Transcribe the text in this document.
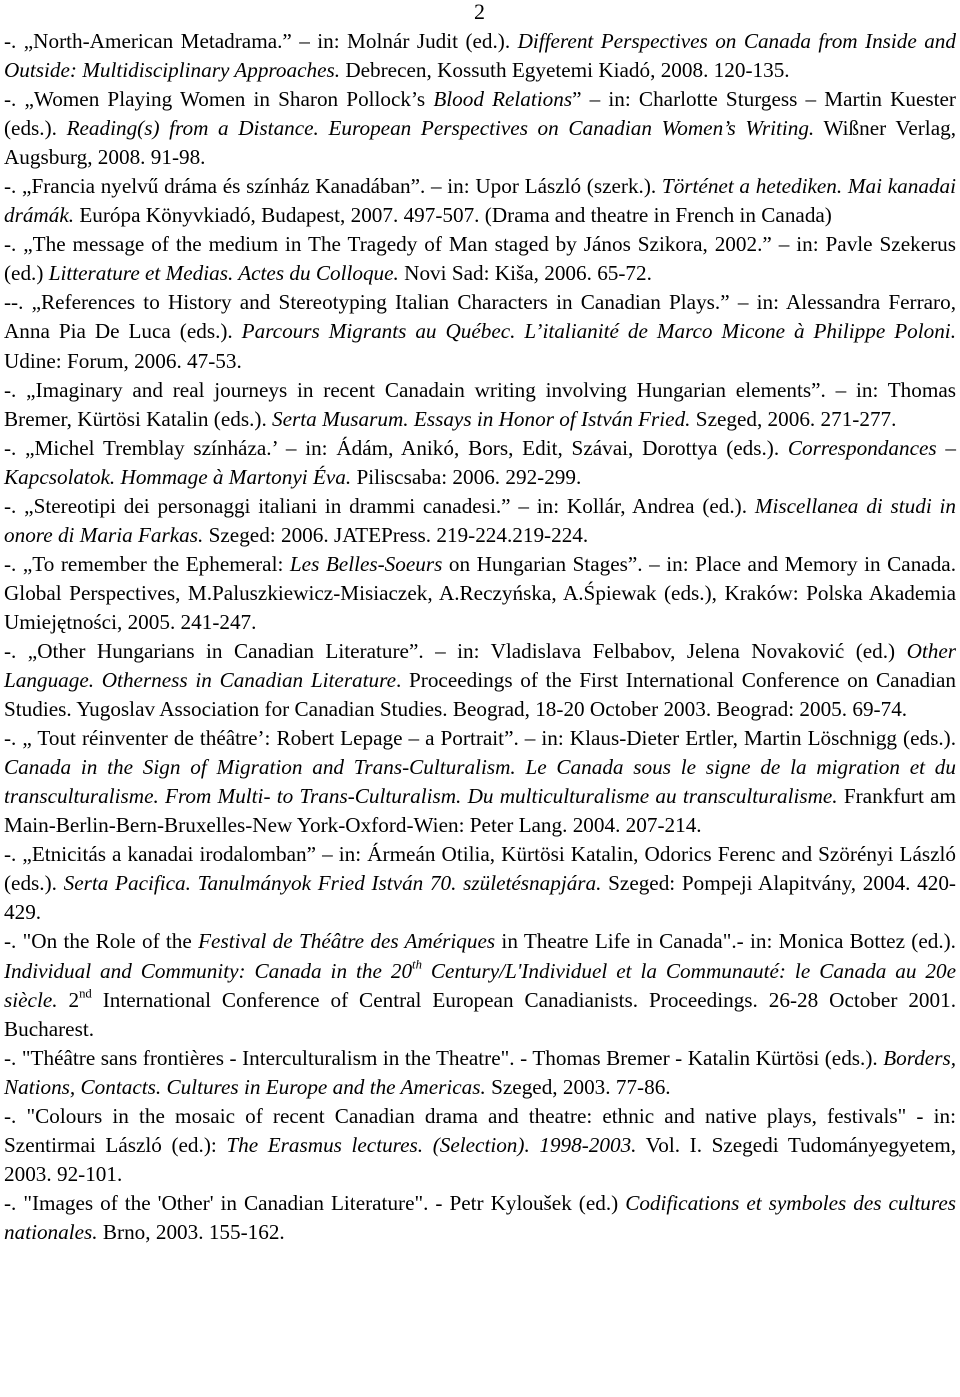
2

-. „North-American Metadrama.” – in: Molnár Judit (ed.). Different Perspectives on Canada from Inside and Outside: Multidisciplinary Approaches. Debrecen, Kossuth Egyetemi Kiadó, 2008. 120-135.

-. „Women Playing Women in Sharon Pollock’s Blood Relations” – in: Charlotte Sturgess – Martin Kuester (eds.). Reading(s) from a Distance. European Perspectives on Canadian Women’s Writing. Wißner Verlag, Augsburg, 2008. 91-98.

-. „Francia nyelvű dráma és színház Kanadában”. – in: Upor László (szerk.). Történet a hetediken. Mai kanadai drámák. Európa Könyvkiadó, Budapest, 2007. 497-507. (Drama and theatre in French in Canada)

-. „The message of the medium in The Tragedy of Man staged by János Szikora, 2002.” – in: Pavle Szekerus (ed.) Litterature et Medias. Actes du Colloque. Novi Sad: Kiša, 2006. 65-72.

--. „References to History and Stereotyping Italian Characters in Canadian Plays.” – in: Alessandra Ferraro, Anna Pia De Luca (eds.). Parcours Migrants au Québec. L’italianité de Marco Micone à Philippe Poloni. Udine: Forum, 2006. 47-53.

-. „Imaginary and real journeys in recent Canadain writing involving Hungarian elements”. – in: Thomas Bremer, Kürtösi Katalin (eds.). Serta Musarum. Essays in Honor of István Fried. Szeged, 2006. 271-277.

-. „Michel Tremblay színháza.’ – in: Ádám, Anikó, Bors, Edit, Szávai, Dorottya (eds.). Correspondances – Kapcsolatok. Hommage à Martonyi Éva. Piliscsaba: 2006. 292-299.

-. „Stereotipi dei personaggi italiani in drammi canadesi.” – in: Kollár, Andrea (ed.). Miscellanea di studi in onore di Maria Farkas. Szeged: 2006. JATEPress. 219-224.219-224.

-. „To remember the Ephemeral: Les Belles-Soeurs on Hungarian Stages”. – in: Place and Memory in Canada. Global Perspectives, M.Paluszkiewicz-Misiaczek, A.Reczyńska, A.Śpiewak (eds.), Kraków: Polska Akademia Umiejętności, 2005. 241-247.

-. „Other Hungarians in Canadian Literature”. – in: Vladislava Felbabov, Jelena Novaković (ed.) Other Language. Otherness in Canadian Literature. Proceedings of the First International Conference on Canadian Studies. Yugoslav Association for Canadian Studies. Beograd, 18-20 October 2003. Beograd: 2005. 69-74.

-. „ Tout réinventer de théâtre’: Robert Lepage – a Portrait”. – in: Klaus-Dieter Ertler, Martin Löschnigg (eds.). Canada in the Sign of Migration and Trans-Culturalism. Le Canada sous le signe de la migration et du transculturalisme. From Multi- to Trans-Culturalism. Du multiculturalisme au transculturalisme. Frankfurt am Main-Berlin-Bern-Bruxelles-New York-Oxford-Wien: Peter Lang. 2004. 207-214.

-. „Etnicitás a kanadai irodalomban” – in: Ármeán Otilia, Kürtösi Katalin, Odorics Ferenc and Szörényi László (eds.). Serta Pacifica. Tanulmányok Fried István 70. születésnapjára. Szeged: Pompeji Alapitvány, 2004. 420-429.

-. "On the Role of the Festival de Théâtre des Amériques in Theatre Life in Canada".- in: Monica Bottez (ed.). Individual and Community: Canada in the 20th Century/L'Individuel et la Communauté: le Canada au 20e siècle. 2nd International Conference of Central European Canadianists. Proceedings. 26-28 October 2001. Bucharest.

-. "Théâtre sans frontières - Interculturalism in the Theatre". - Thomas Bremer - Katalin Kürtösi (eds.). Borders, Nations, Contacts. Cultures in Europe and the Americas. Szeged, 2003. 77-86.

-. "Colours in the mosaic of recent Canadian drama and theatre: ethnic and native plays, festivals" - in: Szentirmai László (ed.): The Erasmus lectures. (Selection). 1998-2003. Vol. I. Szegedi Tudományegyetem, 2003. 92-101.

-. "Images of the 'Other' in Canadian Literature". - Petr Kyloušek (ed.) Codifications et symboles des cultures nationales. Brno, 2003. 155-162.
